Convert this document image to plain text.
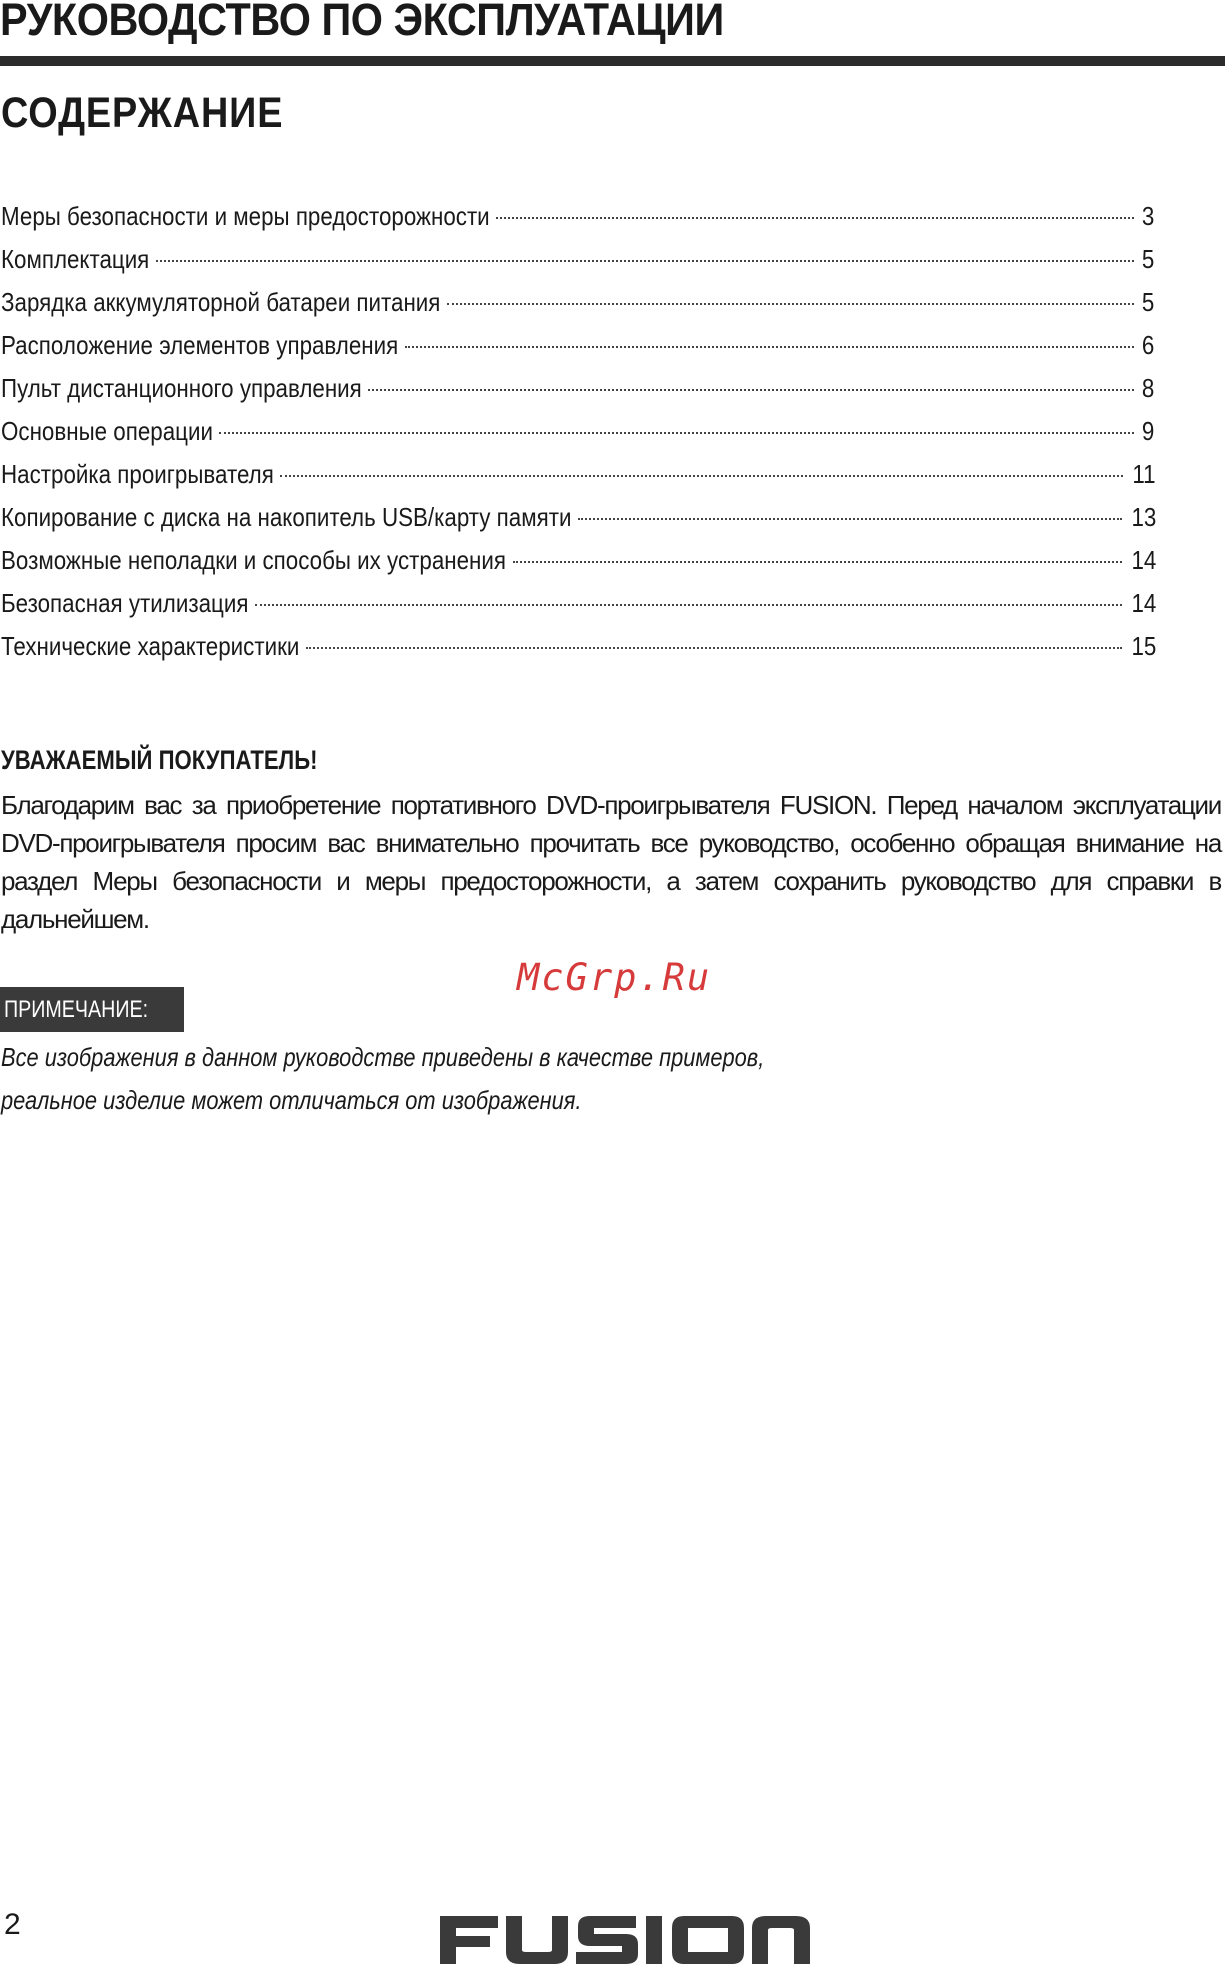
РУКОВОДСТВО ПО ЭКСПЛУАТАЦИИ
СОДЕРЖАНИЕ
Меры безопасности и меры предосторожности	3
Комплектация	5
Зарядка аккумуляторной батареи питания	5
Расположение элементов управления	6
Пульт дистанционного управления	8
Основные операции	9
Настройка проигрывателя	11
Копирование с диска на накопитель USB/карту памяти	13
Возможные неполадки и способы их устранения	14
Безопасная утилизация	14
Технические характеристики	15
УВАЖАЕМЫЙ ПОКУПАТЕЛЬ!
Благодарим вас за приобретение портативного DVD-проигрывателя FUSION. Перед началом эксплуатации DVD-проигрывателя просим вас внимательно прочитать все руководство, особенно обращая внимание на раздел Меры безопасности и меры предосторожности, а затем сохранить руководство для справки в дальнейшем.
McGrp.Ru
ПРИМЕЧАНИЕ:
Все изображения в данном руководстве приведены в качестве примеров,
реальное изделие может отличаться от изображения.
2
